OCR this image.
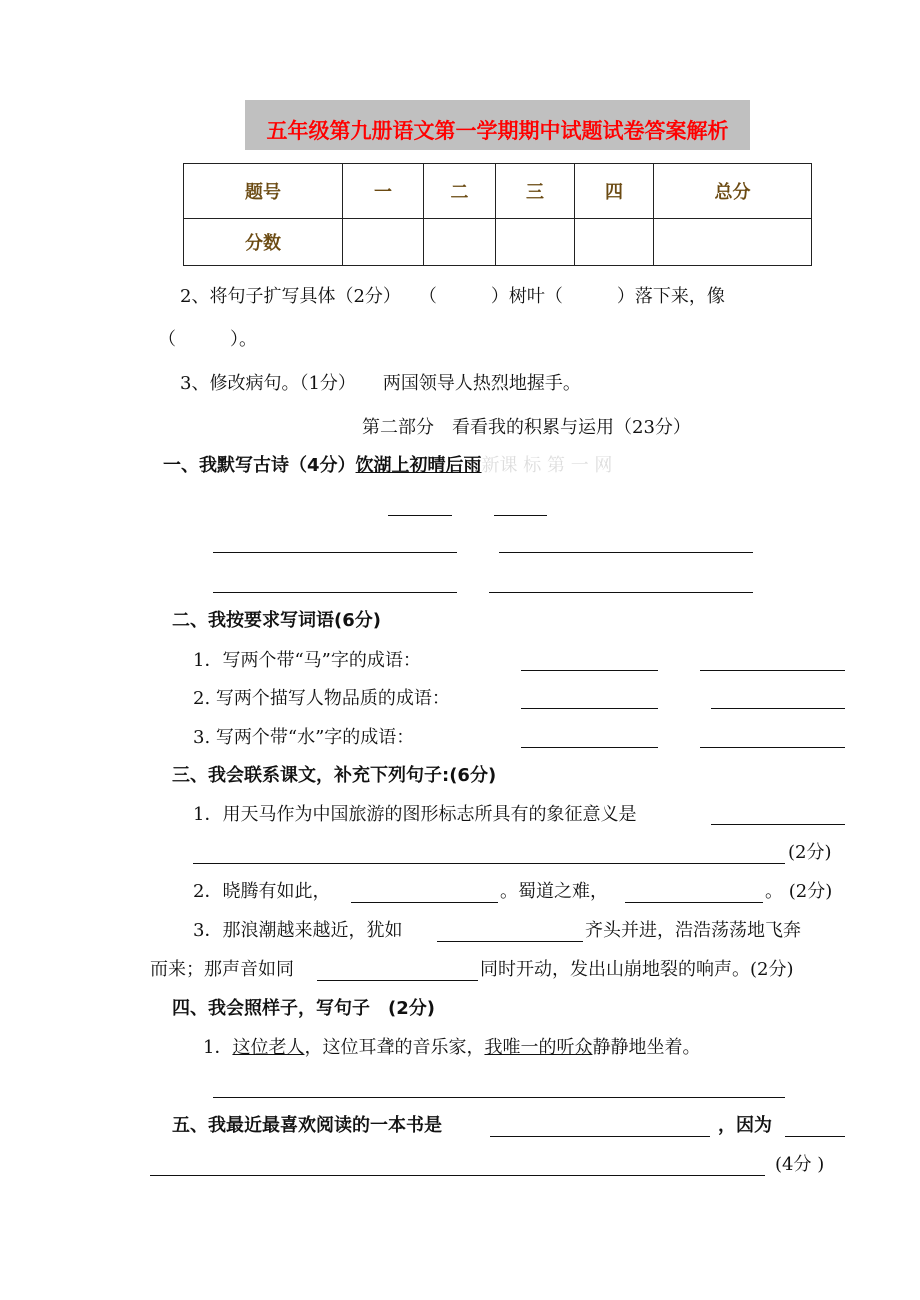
五年级第九册语文第一学期期中试题试卷答案解析
题号	一	二	三	四	总分
分数					
2、将句子扩写具体（2分）　　（　　　）树叶（　　　）落下来，像
（　　　）。
3、修改病句。（1分）　　两国领导人热烈地握手。
第二部分　看看我的积累与运用（23分）
一、我默写古诗（4分）饮湖上初晴后雨新课 标 第 一 网
二、我按要求写词语(6分)
1．写两个带“马”字的成语：
2. 写两个描写人物品质的成语：
3. 写两个带“水”字的成语：
三、我会联系课文，补充下列句子:(6分)
1．用天马作为中国旅游的图形标志所具有的象征意义是
(2分)
2．晓腾有如此，	。蜀道之难，	。 (2分)
3．那浪潮越来越近，犹如	齐头并进，浩浩荡荡地飞奔
而来；那声音如同	同时开动，发出山崩地裂的响声。(2分)
四、我会照样子，写句子　(2分)
1．这位老人，这位耳聋的音乐家，我唯一的听众静静地坐着。
五、我最近最喜欢阅读的一本书是	，因为
(4分 )
